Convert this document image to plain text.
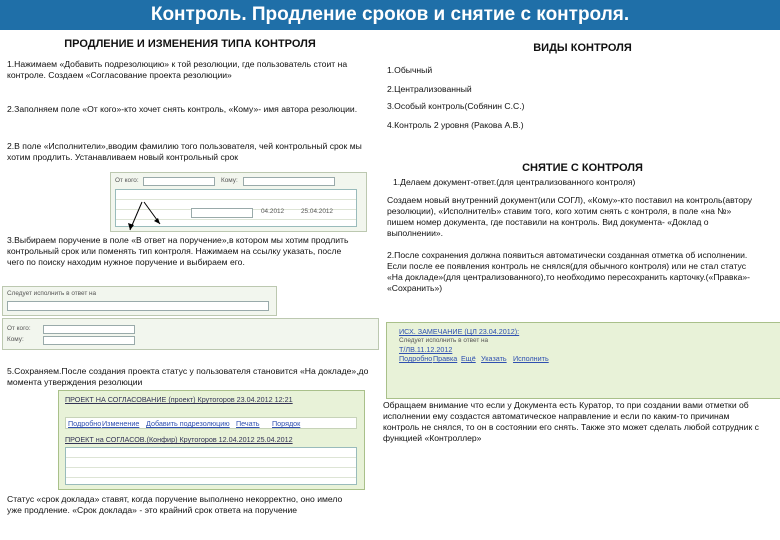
Контроль. Продление сроков и снятие с контроля.
ПРОДЛЕНИЕ И ИЗМЕНЕНИЯ ТИПА КОНТРОЛЯ
1.Нажимаем «Добавить подрезолюцию» к той резолюции, где пользователь стоит на контроле. Создаем «Согласование проекта резолюции»
2.Заполняем поле «От кого»-кто хочет снять контроль, «Кому»- имя автора резолюции.
2.В поле «Исполнители»,вводим фамилию того пользователя, чей контрольный срок мы хотим продлить. Устанавливаем новый контрольный срок
От кого:	Кому:
04.2012	25.04.2012
3.Выбираем поручение в поле «В ответ на поручение»,в котором мы хотим продлить контрольный срок или поменять тип контроля. Нажимаем на ссылку указать, после чего по поиску находим нужное поручение и выбираем его.
Следует исполнить в ответ на
От кого:
Кому:
5.Сохраняем.После создания проекта статус у пользователя становится «На докладе»,до момента утверждения резолюции
ПРОЕКТ НА СОГЛАСОВАНИЕ (проект) Крутогоров 23.04.2012 12:21
Подробно Изменение Добавить подрезолюцию Печать Порядок
ПРОЕКТ на СОГЛАСОВ.(Конфир) Крутогоров 12.04.2012 25.04.2012
Статус «срок доклада» ставят, когда поручение выполнено некорректно, оно имело уже продление. «Срок доклада» - это крайний срок ответа на поручение
ВИДЫ КОНТРОЛЯ
1.Обычный
2.Централизованный
3.Особый контроль(Собянин С.С.)
4.Контроль 2 уровня (Ракова А.В.)
СНЯТИЕ С КОНТРОЛЯ
1.Делаем документ-ответ.(для централизованного контроля)
Создаем новый внутренний документ(или СОГЛ), «Кому»-кто поставил на контроль(автору резолюции), «ИсполнителЬ» ставим того, кого хотим снять с контроля, в поле «на №» пишем номер документа, где поставили на контроль. Вид документа- «Доклад о выполнении».
2.После сохранения должна появиться автоматически созданная отметка об исполнении. Если после ее появления контроль не снялся(для обычного контроля) или не стал статус «На докладе»(для централизованного),то необходимо пересохранить карточку.(«Правка»- «Сохранить»)
ИСХ. ЗАМЕЧАНИЕ (ЦЛ 23.04.2012):
Следует исполнить в ответ на
Т/ЛВ.11.12.2012
Подробно Правка Ещё Указать Исполнить
Обращаем внимание что если у Документа есть Куратор, то при создании вами отметки об исполнении ему создастся автоматическое направление и если по каким-то причинам контроль не снялся, то он в состоянии его снять. Также это может сделать любой сотрудник с функцией «Контроллер»
